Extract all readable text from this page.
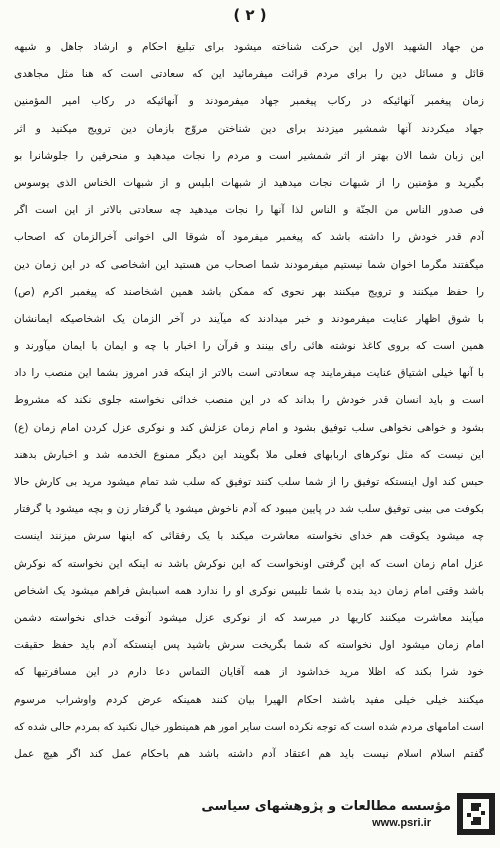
( ۲ )
من جهاد الشهید الاول این حرکت شناخته میشود برای تبلیغ احکام و ارشاد جاهل و شبهه
قائل و مسائل دین را برای مردم قرائت میفرمائید این که سعادتی است که هنا مثل مجاهدی
زمان پیغمبر آنهائیکه در رکاب پیغمبر جهاد میفرمودند و آنهائیکه در رکاب امیر المؤمنین
جهاد میکردند آنها شمشیر میزدند برای دین شناختن مروّج بازمان دین ترویج میکنید و اثر
این زبان شما الان بهتر از اثر شمشیر است و مردم را نجات میدهید و منحرفین را جلوشانرا بو
بگیرید و مؤمنین را از شبهات نجات میدهید از شبهات ابلیس و از شبهات الخناس الذی یوسوس
فی صدور الناس من الجنّة و الناس لذا آنها را نجات میدهید چه سعادتی بالاتر از این است اگر
آدم قدر خودش را داشته باشد که پیغمبر میفرمود آه شوقا الی اخوانی آخرالزمان که اصحاب
میگفتند مگرما اخوان شما نیستیم میفرمودند شما اصحاب من هستید این اشخاصی که در این زمان دین
را حفظ میکنند و ترویج میکنند بهر نحوی که ممکن باشد همین اشخاصند که پیغمبر اکرم (ص)
با شوق اظهار عنایت میفرمودند و خبر میدادند که میآیند در آخر الزمان یک اشخاصیکه ایمانشان
همین است که بروی کاغذ نوشته هائی رای بینند و قرآن را اخبار با چه و ایمان با ایمان میآورند و
با آنها خیلی اشتیاق عنایت میفرمایند چه سعادتی است بالاتر از اینکه قدر امروز بشما این منصب را داد
است و باید انسان قدر خودش را بداند که در این منصب خدائی نخواسته جلوی نکند که مشروط
بشود و خواهی نخواهی سلب توفیق بشود و امام زمان عزلش کند و نوکری عزل کردن امام زمان (ع)
این نیست که مثل نوکرهای اربابهای فعلی ملا بگویند این دیگر ممنوع الخدمه شد و اخبارش بدهند
حبس کند اول اینستکه توفیق را از شما سلب کنند توفیق که سلب شد تمام میشود مرید بی کارش حالا
بکوفت می بینی توفیق سلب شد در پایین میبود که آدم ناخوش میشود یا گرفتار زن و بچه میشود یا گرفتار
چه میشود یکوقت هم خدای نخواسته معاشرت میکند با یک رفقائی که اینها سرش میزنند اینست
عزل امام زمان است که این گرفتی اونخواست که این نوکرش باشد نه اینکه این نخواسته که نوکرش
باشد وقتی امام زمان دید بنده با شما تلبیس نوکری او را ندارد همه اسبابش فراهم میشود یک اشخاص
میآیند معاشرت میکنند کاریها در میرسد که از نوکری عزل میشود آنوقت خدای نخواسته دشمن
امام زمان میشود اول نخواسته که شما بگریخت سرش باشید پس اینستکه آدم باید حفظ حقیقت
خود شرا بکند که اظلا مرید خداشود از همه آقایان التماس دعا دارم در این مسافرتیها که
میکنند خیلی خیلی مفید باشند احکام الهیرا بیان کنند همینکه عرض کردم واوشراب مرسوم
است امامهای مردم شده است که توجه نکرده است سایر امور هم همینطور خیال نکنید که بمردم حالی شده که
گفتم اسلام اسلام نیست باید هم اعتقاد آدم داشته باشد هم باحکام عمل کند اگر هیچ عمل
مؤسسه مطالعات و پژوهشهای سیاسی
www.psri.ir
